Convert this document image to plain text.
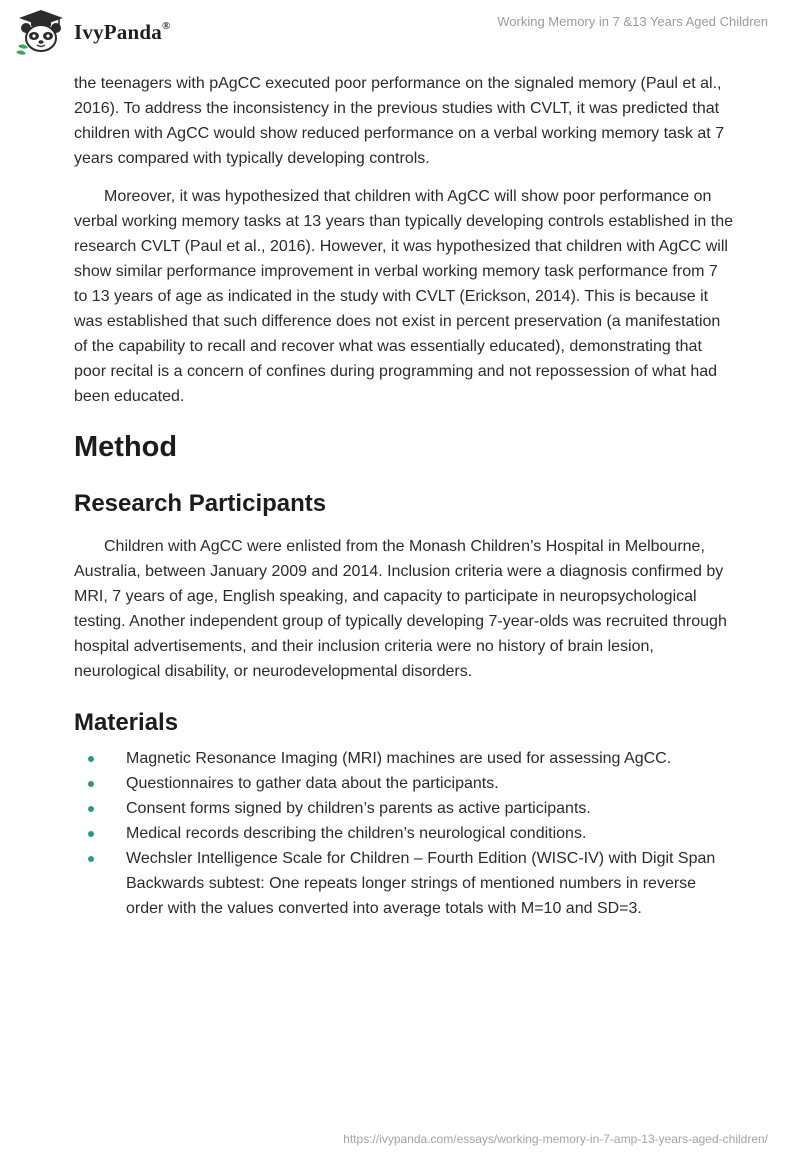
IvyPanda®	Working Memory in 7 &13 Years Aged Children

the teenagers with pAgCC executed poor performance on the signaled memory (Paul et al., 2016). To address the inconsistency in the previous studies with CVLT, it was predicted that children with AgCC would show reduced performance on a verbal working memory task at 7 years compared with typically developing controls.

Moreover, it was hypothesized that children with AgCC will show poor performance on verbal working memory tasks at 13 years than typically developing controls established in the research CVLT (Paul et al., 2016). However, it was hypothesized that children with AgCC will show similar performance improvement in verbal working memory task performance from 7 to 13 years of age as indicated in the study with CVLT (Erickson, 2014). This is because it was established that such difference does not exist in percent preservation (a manifestation of the capability to recall and recover what was essentially educated), demonstrating that poor recital is a concern of confines during programming and not repossession of what had been educated.

Method
Research Participants

Children with AgCC were enlisted from the Monash Children’s Hospital in Melbourne, Australia, between January 2009 and 2014. Inclusion criteria were a diagnosis confirmed by MRI, 7 years of age, English speaking, and capacity to participate in neuropsychological testing. Another independent group of typically developing 7-year-olds was recruited through hospital advertisements, and their inclusion criteria were no history of brain lesion, neurological disability, or neurodevelopmental disorders.

Materials
Magnetic Resonance Imaging (MRI) machines are used for assessing AgCC.
Questionnaires to gather data about the participants.
Consent forms signed by children’s parents as active participants.
Medical records describing the children’s neurological conditions.
Wechsler Intelligence Scale for Children – Fourth Edition (WISC-IV) with Digit Span Backwards subtest: One repeats longer strings of mentioned numbers in reverse order with the values converted into average totals with M=10 and SD=3.
https://ivypanda.com/essays/working-memory-in-7-amp-13-years-aged-children/
